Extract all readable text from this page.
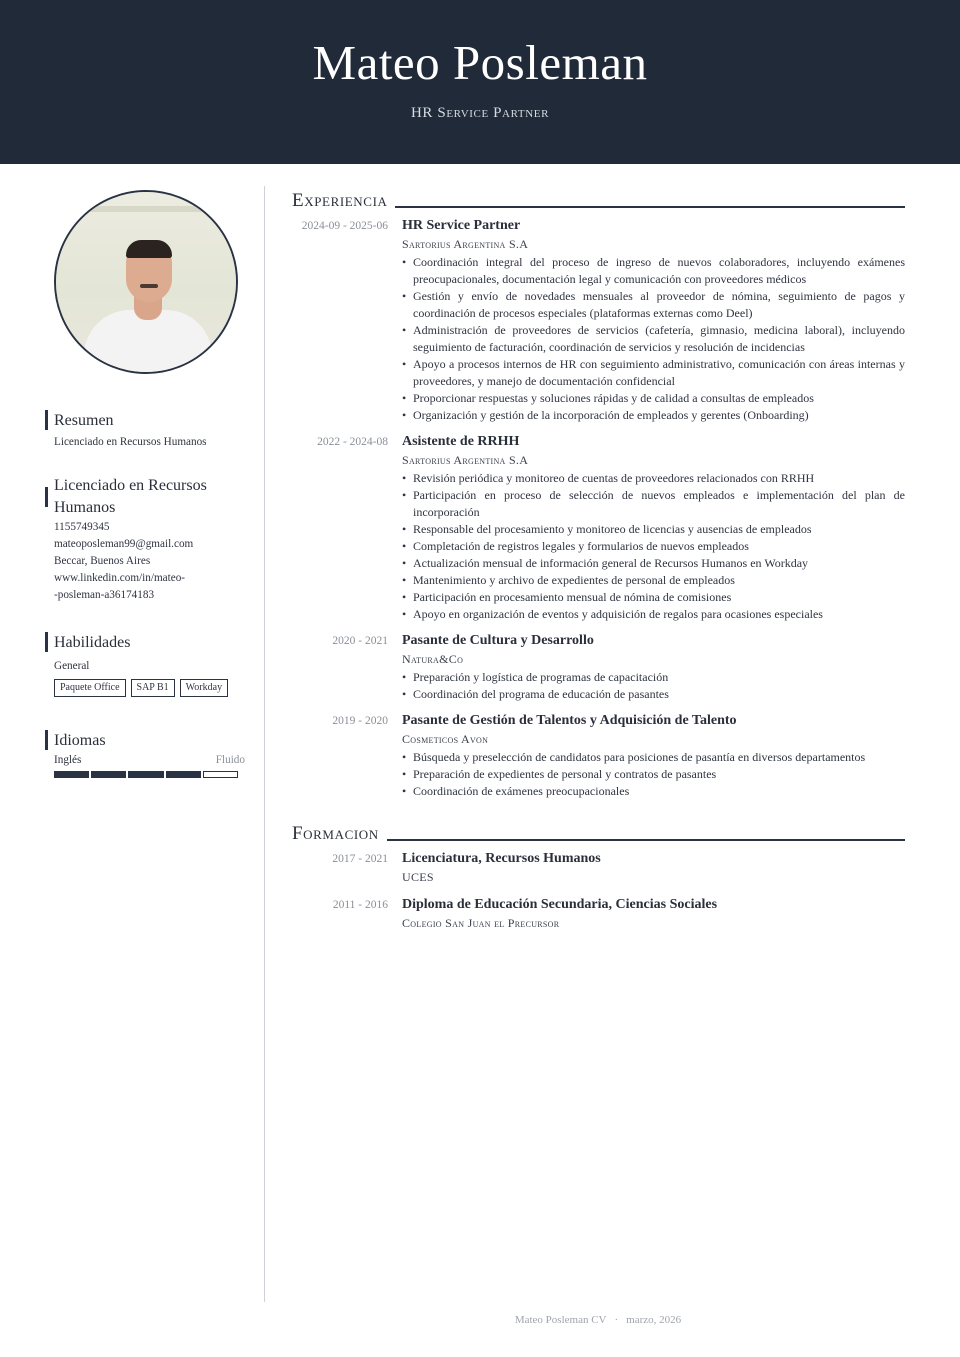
Mateo Posleman
HR Service Partner
Resumen
Licenciado en Recursos Humanos
Licenciado en Recursos Humanos
1155749345
mateoposleman99@gmail.com
Beccar, Buenos Aires
www.linkedin.com/in/mateo-
-posleman-a36174183
Habilidades
General
Paquete Office	SAP B1	Workday
Idiomas
Inglés	Fluido
Experiencia
2024-09 - 2025-06	HR Service Partner
Sartorius Argentina S.A
• Coordinación integral del proceso de ingreso de nuevos colaboradores, incluyendo exámenes preocupacionales, documentación legal y comunicación con proveedores médicos
• Gestión y envío de novedades mensuales al proveedor de nómina, seguimiento de pagos y coordinación de procesos especiales (plataformas externas como Deel)
• Administración de proveedores de servicios (cafetería, gimnasio, medicina laboral), incluyendo seguimiento de facturación, coordinación de servicios y resolución de incidencias
• Apoyo a procesos internos de HR con seguimiento administrativo, comunicación con áreas internas y proveedores, y manejo de documentación confidencial
• Proporcionar respuestas y soluciones rápidas y de calidad a consultas de empleados
• Organización y gestión de la incorporación de empleados y gerentes (Onboarding)
2022 - 2024-08	Asistente de RRHH
Sartorius Argentina S.A
• Revisión periódica y monitoreo de cuentas de proveedores relacionados con RRHH
• Participación en proceso de selección de nuevos empleados e implementación del plan de incorporación
• Responsable del procesamiento y monitoreo de licencias y ausencias de empleados
• Completación de registros legales y formularios de nuevos empleados
• Actualización mensual de información general de Recursos Humanos en Workday
• Mantenimiento y archivo de expedientes de personal de empleados
• Participación en procesamiento mensual de nómina de comisiones
• Apoyo en organización de eventos y adquisición de regalos para ocasiones especiales
2020 - 2021	Pasante de Cultura y Desarrollo
Natura&Co
• Preparación y logística de programas de capacitación
• Coordinación del programa de educación de pasantes
2019 - 2020	Pasante de Gestión de Talentos y Adquisición de Talento
Cosmeticos Avon
• Búsqueda y preselección de candidatos para posiciones de pasantía en diversos departamentos
• Preparación de expedientes de personal y contratos de pasantes
• Coordinación de exámenes preocupacionales
Formacion
2017 - 2021	Licenciatura, Recursos Humanos
UCES
2011 - 2016	Diploma de Educación Secundaria, Ciencias Sociales
Colegio San Juan el Precursor
Mateo Posleman CV · marzo, 2026
